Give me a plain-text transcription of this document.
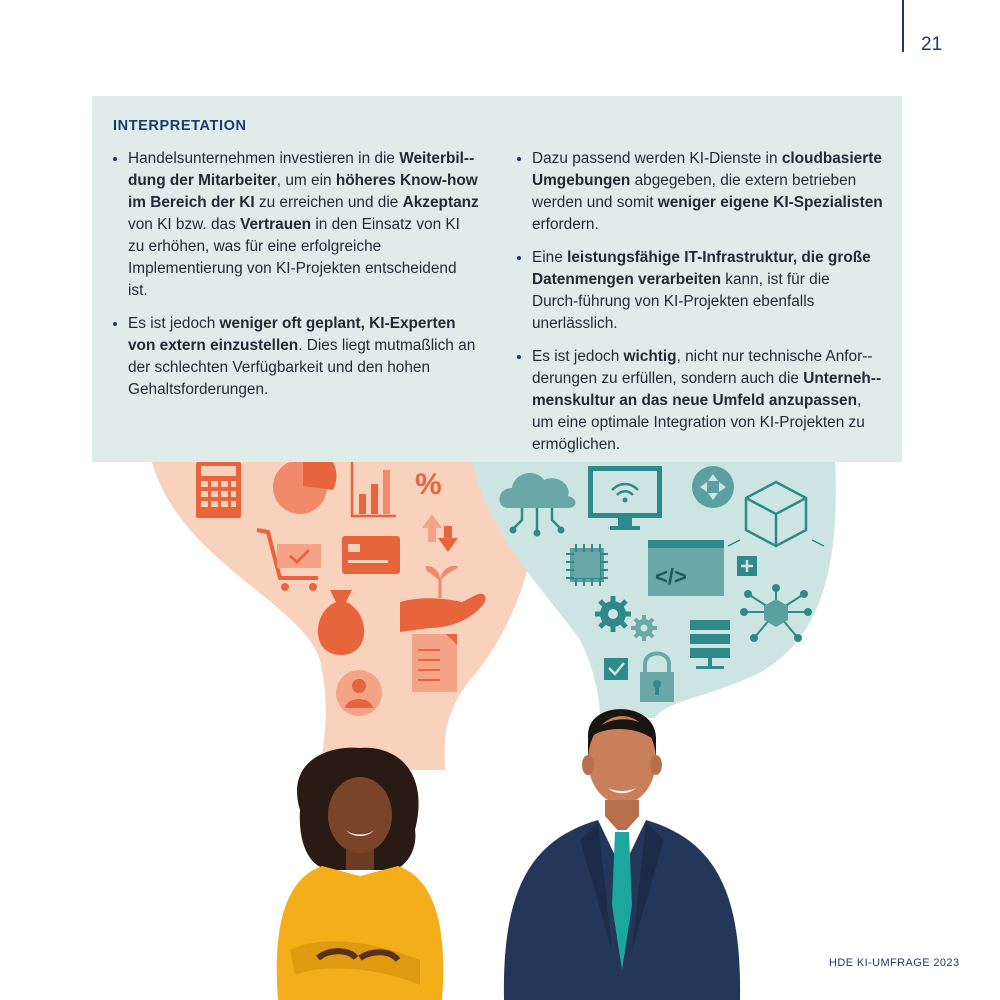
21
%
</>
INTERPRETATION
Handelsunternehmen investieren in die Weiterbil-dung der Mitarbeiter, um ein höheres Know-how im Bereich der KI zu erreichen und die Akzeptanz von KI bzw. das Vertrauen in den Einsatz von KI zu erhöhen, was für eine erfolgreiche Implementierung von KI-Projekten entscheidend ist.
Es ist jedoch weniger oft geplant, KI-Experten von extern einzustellen. Dies liegt mutmaßlich an der schlechten Verfügbarkeit und den hohen Gehaltsforderungen.
Dazu passend werden KI-Dienste in cloudbasierte Umgebungen abgegeben, die extern betrieben werden und somit weniger eigene KI-Spezialisten erfordern.
Eine leistungsfähige IT-Infrastruktur, die große Datenmengen verarbeiten kann, ist für die Durch-führung von KI-Projekten ebenfalls unerlässlich.
Es ist jedoch wichtig, nicht nur technische Anfor-derungen zu erfüllen, sondern auch die Unterneh-menskultur an das neue Umfeld anzupassen, um eine optimale Integration von KI-Projekten zu ermöglichen.
HDE KI-UMFRAGE 2023
